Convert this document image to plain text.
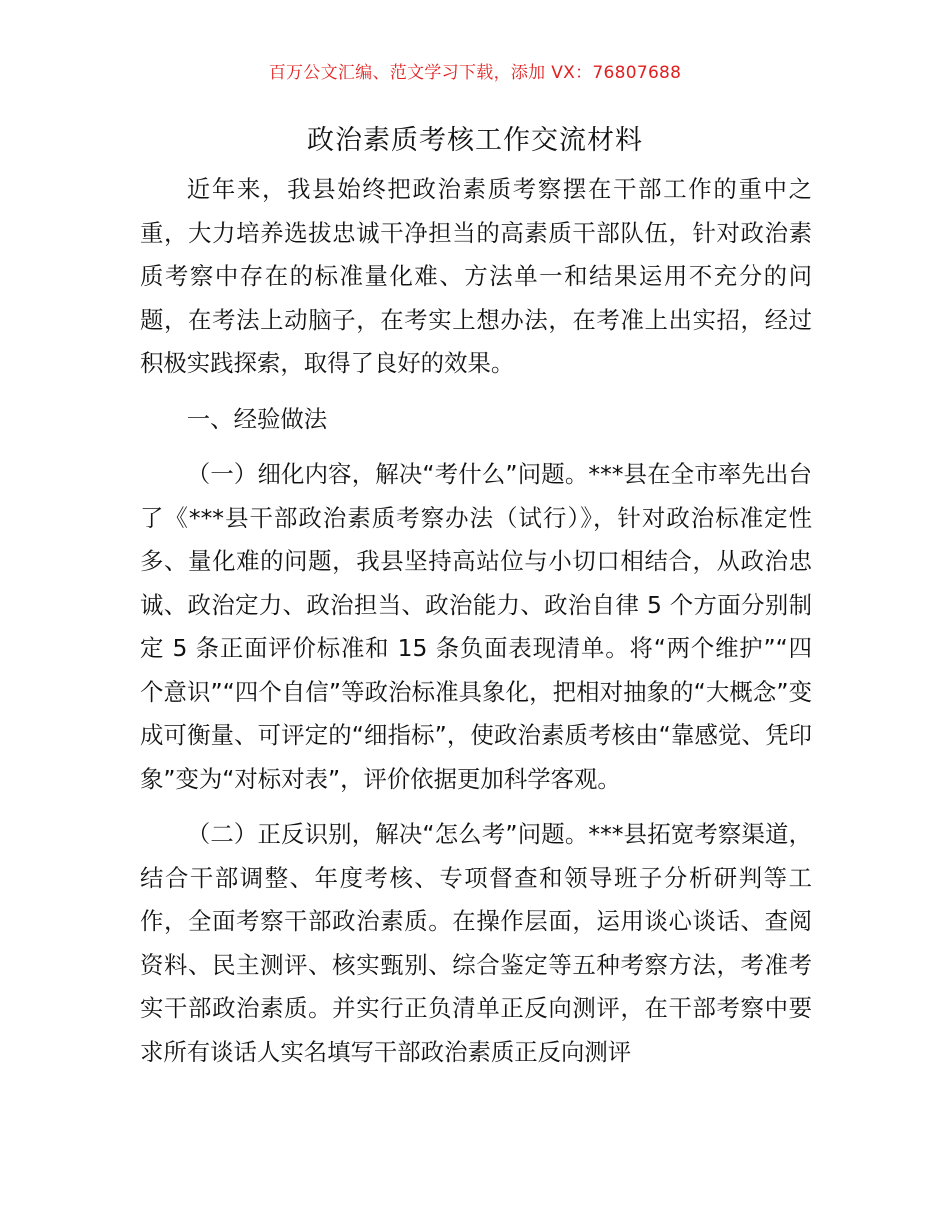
百万公文汇编、范文学习下载，添加 VX：76807688
政治素质考核工作交流材料

近年来，我县始终把政治素质考察摆在干部工作的重中之重，大力培养选拔忠诚干净担当的高素质干部队伍，针对政治素质考察中存在的标准量化难、方法单一和结果运用不充分的问题，在考法上动脑子，在考实上想办法，在考准上出实招，经过积极实践探索，取得了良好的效果。

一、经验做法

（一）细化内容，解决“考什么”问题。***县在全市率先出台了《***县干部政治素质考察办法（试行）》，针对政治标准定性多、量化难的问题，我县坚持高站位与小切口相结合，从政治忠诚、政治定力、政治担当、政治能力、政治自律 5 个方面分别制定 5 条正面评价标准和 15 条负面表现清单。将“两个维护”“四个意识”“四个自信”等政治标准具象化，把相对抽象的“大概念”变成可衡量、可评定的“细指标”，使政治素质考核由“靠感觉、凭印象”变为“对标对表”，评价依据更加科学客观。

（二）正反识别，解决“怎么考”问题。***县拓宽考察渠道，结合干部调整、年度考核、专项督查和领导班子分析研判等工作，全面考察干部政治素质。在操作层面，运用谈心谈话、查阅资料、民主测评、核实甄别、综合鉴定等五种考察方法，考准考实干部政治素质。并实行正负清单正反向测评，在干部考察中要求所有谈话人实名填写干部政治素质正反向测评
